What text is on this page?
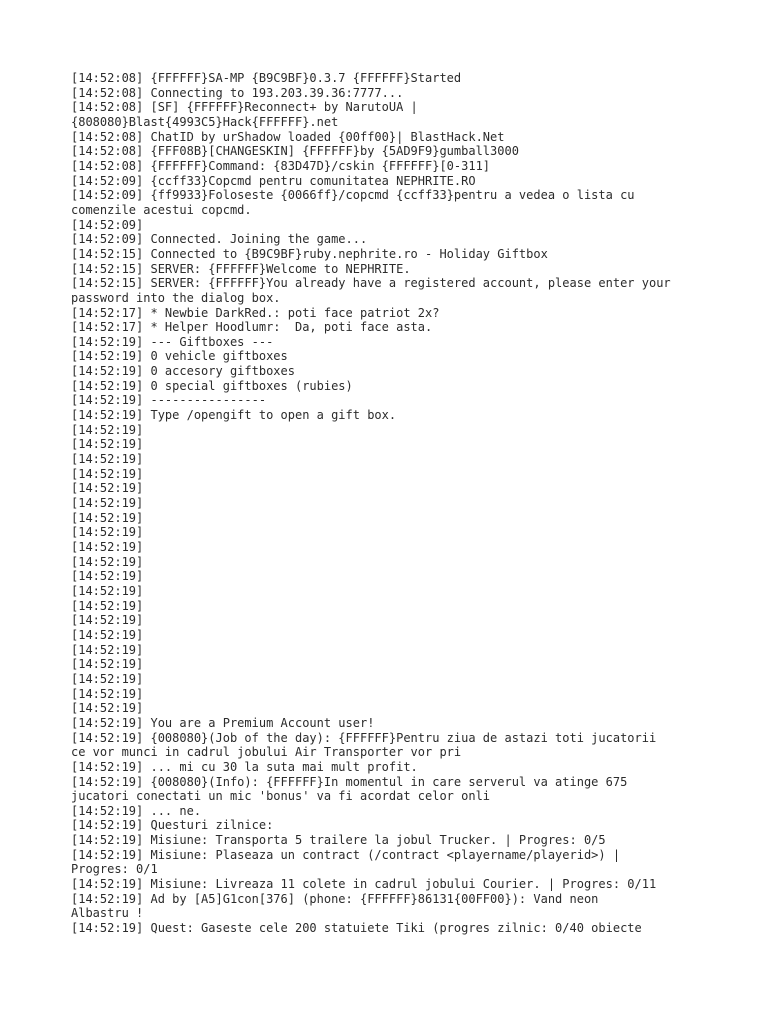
[14:52:08] {FFFFFF}SA-MP {B9C9BF}0.3.7 {FFFFFF}Started
[14:52:08] Connecting to 193.203.39.36:7777...
[14:52:08] [SF] {FFFFFF}Reconnect+ by NarutoUA |
{808080}Blast{4993C5}Hack{FFFFFF}.net
[14:52:08] ChatID by urShadow loaded {00ff00}| BlastHack.Net
[14:52:08] {FFF08B}[CHANGESKIN] {FFFFFF}by {5AD9F9}gumball3000
[14:52:08] {FFFFFF}Command: {83D47D}/cskin {FFFFFF}[0-311]
[14:52:09] {ccff33}Copcmd pentru comunitatea NEPHRITE.RO
[14:52:09] {ff9933}Foloseste {0066ff}/copcmd {ccff33}pentru a vedea o lista cu
comenzile acestui copcmd.
[14:52:09]
[14:52:09] Connected. Joining the game...
[14:52:15] Connected to {B9C9BF}ruby.nephrite.ro - Holiday Giftbox
[14:52:15] SERVER: {FFFFFF}Welcome to NEPHRITE.
[14:52:15] SERVER: {FFFFFF}You already have a registered account, please enter your
password into the dialog box.
[14:52:17] * Newbie DarkRed.: poti face patriot 2x?
[14:52:17] * Helper Hoodlumr:  Da, poti face asta.
[14:52:19] --- Giftboxes ---
[14:52:19] 0 vehicle giftboxes
[14:52:19] 0 accesory giftboxes
[14:52:19] 0 special giftboxes (rubies)
[14:52:19] ----------------
[14:52:19] Type /opengift to open a gift box.
[14:52:19]
[14:52:19]
[14:52:19]
[14:52:19]
[14:52:19]
[14:52:19]
[14:52:19]
[14:52:19]
[14:52:19]
[14:52:19]
[14:52:19]
[14:52:19]
[14:52:19]
[14:52:19]
[14:52:19]
[14:52:19]
[14:52:19]
[14:52:19]
[14:52:19]
[14:52:19]
[14:52:19] You are a Premium Account user!
[14:52:19] {008080}(Job of the day): {FFFFFF}Pentru ziua de astazi toti jucatorii
ce vor munci in cadrul jobului Air Transporter vor pri
[14:52:19] ... mi cu 30 la suta mai mult profit.
[14:52:19] {008080}(Info): {FFFFFF}In momentul in care serverul va atinge 675
jucatori conectati un mic 'bonus' va fi acordat celor onli
[14:52:19] ... ne.
[14:52:19] Questuri zilnice:
[14:52:19] Misiune: Transporta 5 trailere la jobul Trucker. | Progres: 0/5
[14:52:19] Misiune: Plaseaza un contract (/contract <playername/playerid>) |
Progres: 0/1
[14:52:19] Misiune: Livreaza 11 colete in cadrul jobului Courier. | Progres: 0/11
[14:52:19] Ad by [A5]G1con[376] (phone: {FFFFFF}86131{00FF00}): Vand neon
Albastru !
[14:52:19] Quest: Gaseste cele 200 statuiete Tiki (progres zilnic: 0/40 obiecte
